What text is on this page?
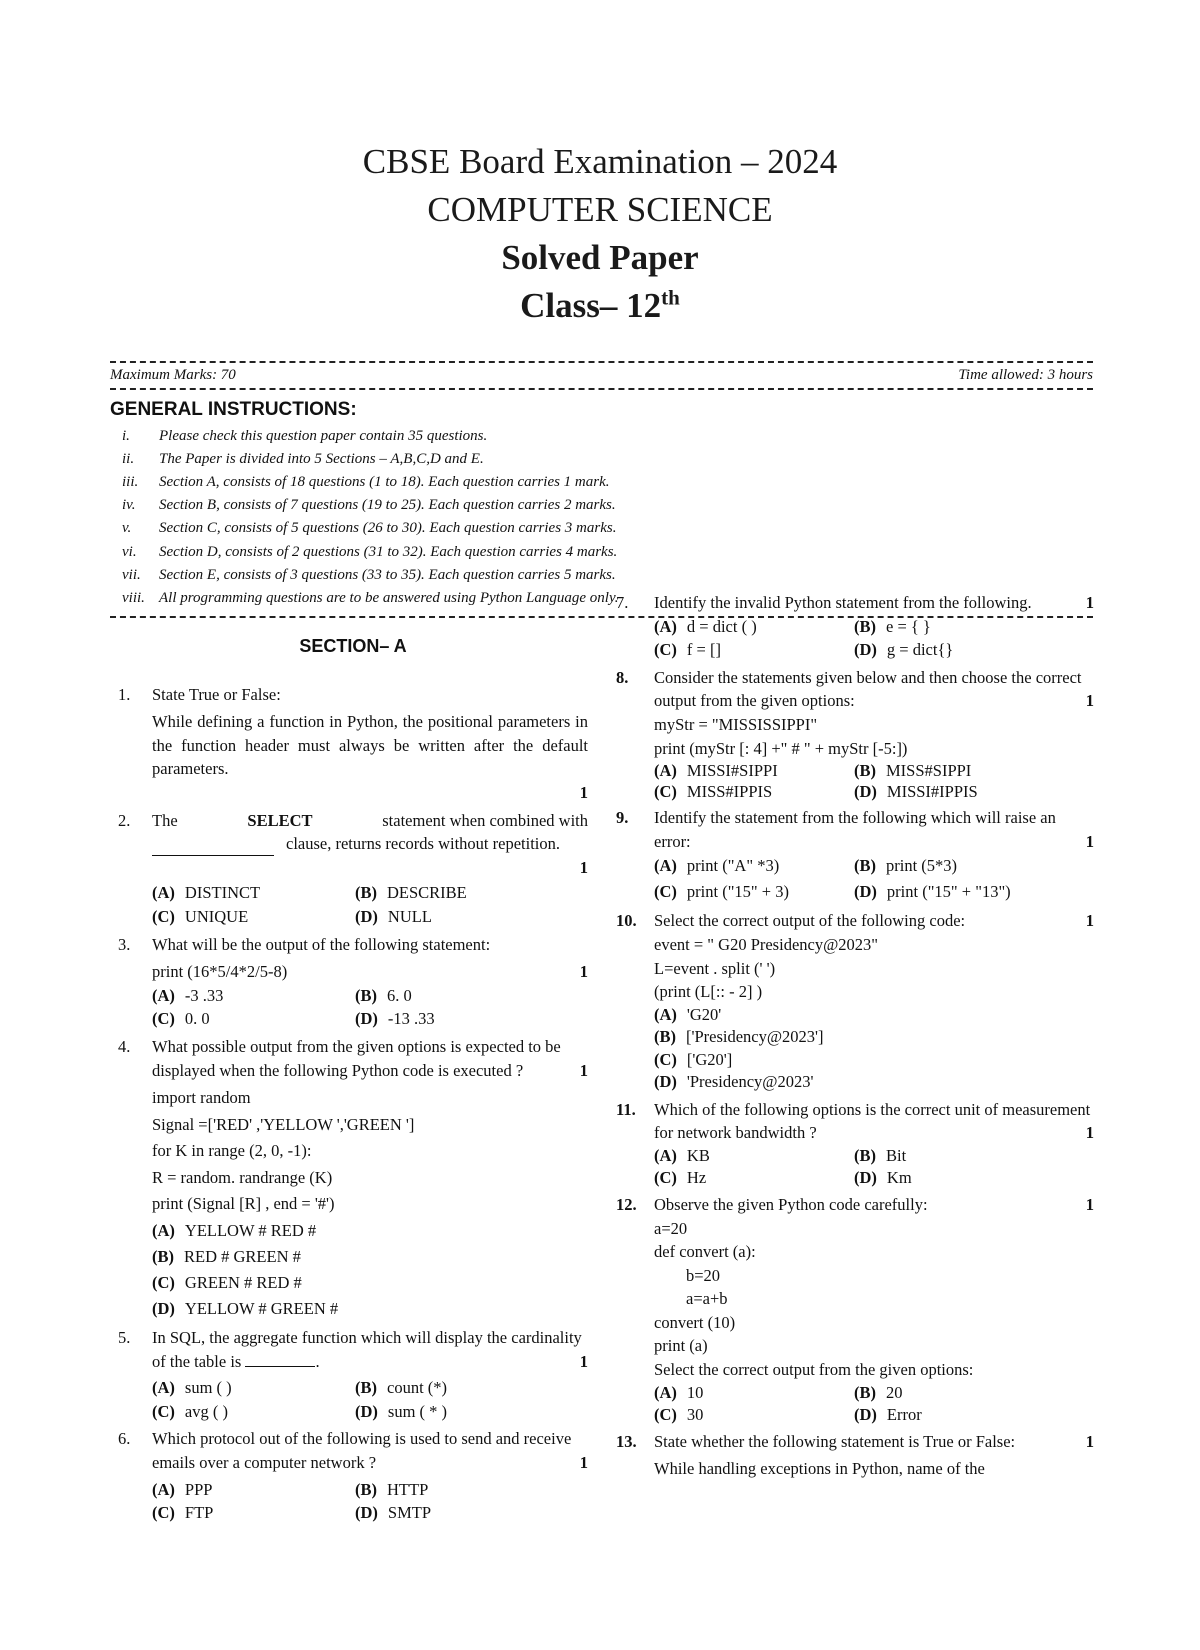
CBSE Board Examination – 2024
COMPUTER SCIENCE
Solved Paper
Class– 12th
Maximum Marks: 70	Time allowed: 3 hours
GENERAL INSTRUCTIONS:
i.	Please check this question paper contain 35 questions.
ii.	The Paper is divided into 5 Sections – A,B,C,D and E.
iii.	Section A, consists of 18 questions (1 to 18). Each question carries 1 mark.
iv.	Section B, consists of 7 questions (19 to 25). Each question carries 2 marks.
v.	Section C, consists of 5 questions (26 to 30). Each question carries 3 marks.
vi.	Section D, consists of 2 questions (31 to 32). Each question carries 4 marks.
vii.	Section E, consists of 3 questions (33 to 35). Each question carries 5 marks.
viii. All programming questions are to be answered using Python Language only.
SECTION– A
1.	State True or False:
While defining a function in Python, the positional parameters in the function header must always be written after the default parameters.
1
2.	The	SELECT	statement when combined with
clause, returns records without repetition.
1
(A) DISTINCT	(B) DESCRIBE
(C) UNIQUE	(D) NULL
3.	What will be the output of the following statement:
print (16*5/4*2/5-8)	1
(A) -3 .33	(B) 6. 0
(C) 0. 0	(D) -13 .33
4.	What possible output from the given options is expected to be displayed when the following Python code is executed ?	1
import random
Signal =['RED' ,'YELLOW ','GREEN ']
for K in range (2, 0, -1):
R = random. randrange (K)
print (Signal [R] , end = '#')
(A) YELLOW # RED #
(B) RED # GREEN #
(C) GREEN # RED #
(D) YELLOW # GREEN #
5.	In SQL, the aggregate function which will display the cardinality of the table is	.	1
(A) sum ( )	(B) count (*)
(C) avg ( )	(D) sum ( * )
6.	Which protocol out of the following is used to send and receive emails over a computer network ?	1
(A) PPP	(B) HTTP
(C) FTP	(D) SMTP
7.	Identify the invalid Python statement from the following.	1
(A) d = dict ( )	(B) e = { }
(C) f = []	(D) g = dict{}
8.	Consider the statements given below and then choose the correct output from the given options:	1
myStr = "MISSISSIPPI"
print (myStr [: 4] +" # " + myStr [-5:])
(A) MISSI#SIPPI	(B) MISS#SIPPI
(C) MISS#IPPIS	(D) MISSI#IPPIS
9.	Identify the statement from the following which will raise an error:	1
(A) print ("A" *3)	(B) print (5*3)
(C) print ("15" + 3)	(D) print ("15" + "13")
10.	Select the correct output of the following code:	1
event = " G20 Presidency@2023"
L=event . split (' ')
(print (L[:: - 2] )
(A) 'G20'
(B) ['Presidency@2023']
(C) ['G20']
(D) 'Presidency@2023'
11.	Which of the following options is the correct unit of measurement for network bandwidth ?	1
(A) KB	(B) Bit
(C) Hz	(D) Km
12.	Observe the given Python code carefully:	1
a=20
def convert (a):
b=20
a=a+b
convert (10)
print (a)
Select the correct output from the given options:
(A) 10	(B) 20
(C) 30	(D) Error
13.	State whether the following statement is True or False:	1
While handling exceptions in Python, name of the
